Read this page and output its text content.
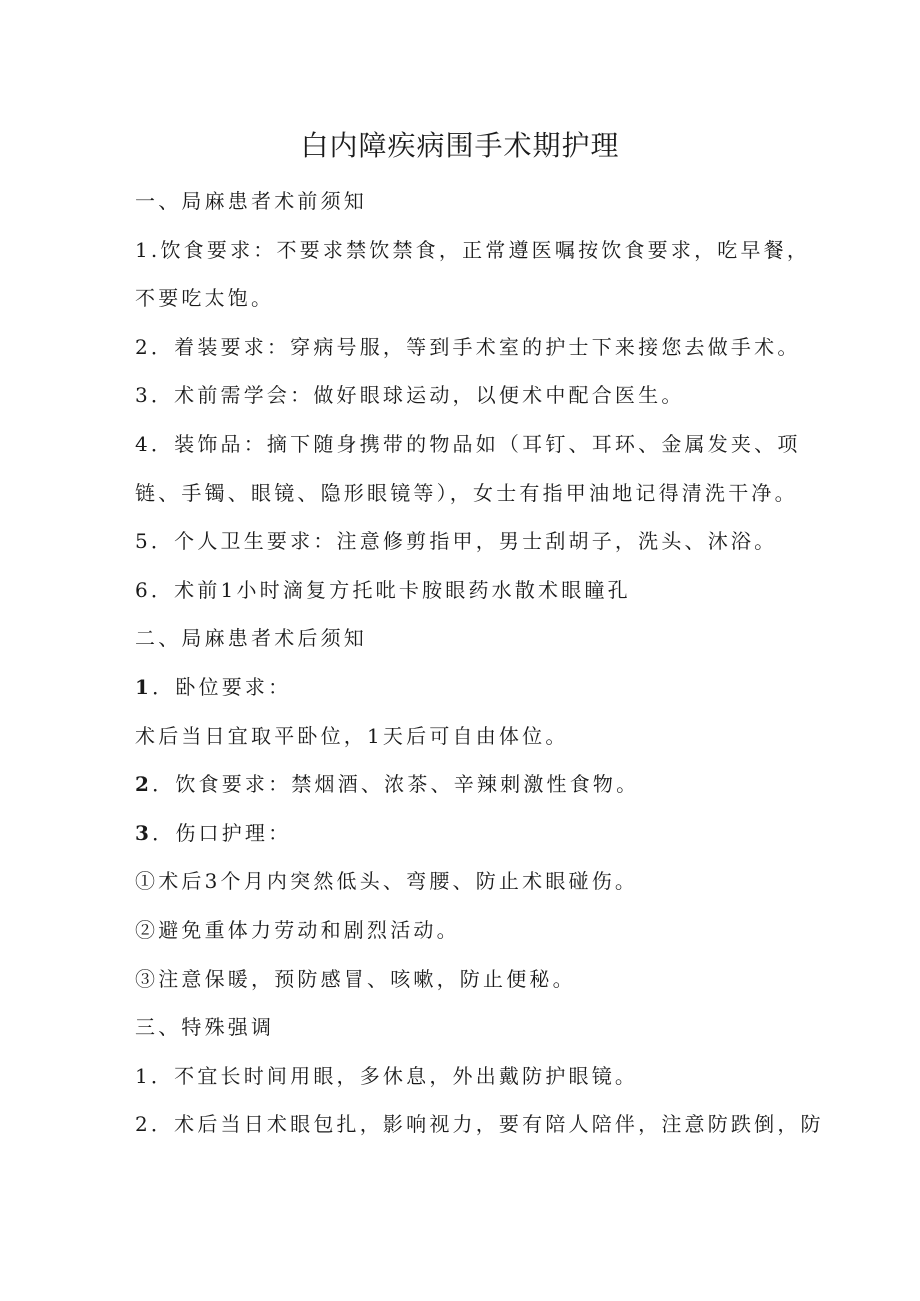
白内障疾病围手术期护理

一、局麻患者术前须知

1.饮食要求：不要求禁饮禁食，正常遵医嘱按饮食要求，吃早餐，

不要吃太饱。

2．着装要求：穿病号服，等到手术室的护士下来接您去做手术。

3．术前需学会：做好眼球运动，以便术中配合医生。

4．装饰品：摘下随身携带的物品如（耳钉、耳环、金属发夹、项

链、手镯、眼镜、隐形眼镜等），女士有指甲油地记得清洗干净。

5．个人卫生要求：注意修剪指甲，男士刮胡子，洗头、沐浴。

6．术前1小时滴复方托吡卡胺眼药水散术眼瞳孔

二、局麻患者术后须知

1．卧位要求：

术后当日宜取平卧位，1天后可自由体位。

2．饮食要求：禁烟酒、浓茶、辛辣刺激性食物。

3．伤口护理：

①术后3个月内突然低头、弯腰、防止术眼碰伤。

②避免重体力劳动和剧烈活动。

③注意保暖，预防感冒、咳嗽，防止便秘。

三、特殊强调

1．不宜长时间用眼，多休息，外出戴防护眼镜。

2．术后当日术眼包扎，影响视力，要有陪人陪伴，注意防跌倒，防
